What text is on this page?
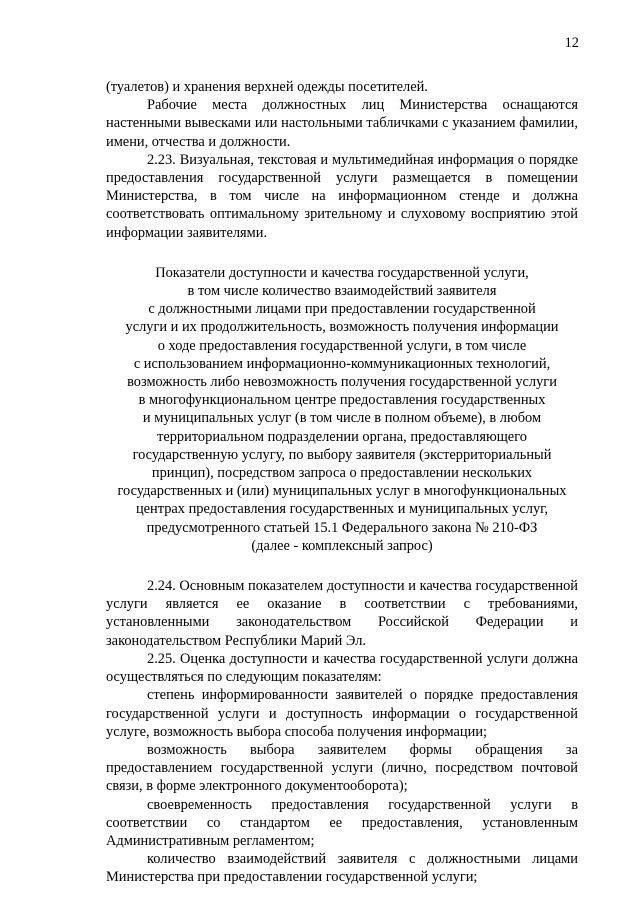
12

(туалетов) и хранения верхней одежды посетителей.

Рабочие места должностных лиц Министерства оснащаются настенными вывесками или настольными табличками с указанием фамилии, имени, отчества и должности.

2.23. Визуальная, текстовая и мультимедийная информация о порядке предоставления государственной услуги размещается в помещении Министерства, в том числе на информационном стенде и должна соответствовать оптимальному зрительному и слуховому восприятию этой информации заявителями.

Показатели доступности и качества государственной услуги,

в том числе количество взаимодействий заявителя

с должностными лицами при предоставлении государственной

услуги и их продолжительность, возможность получения информации

о ходе предоставления государственной услуги, в том числе

с использованием информационно-коммуникационных технологий,

возможность либо невозможность получения государственной услуги

в многофункциональном центре предоставления государственных

и муниципальных услуг (в том числе в полном объеме), в любом

территориальном подразделении органа, предоставляющего

государственную услугу, по выбору заявителя (экстерриториальный

принцип), посредством запроса о предоставлении нескольких

государственных и (или) муниципальных услуг в многофункциональных

центрах предоставления государственных и муниципальных услуг,

предусмотренного статьей 15.1 Федерального закона № 210-ФЗ

(далее - комплексный запрос)

2.24. Основным показателем доступности и качества государственной услуги является ее оказание в соответствии с требованиями, установленными законодательством Российской Федерации и законодательством Республики Марий Эл.

2.25. Оценка доступности и качества государственной услуги должна осуществляться по следующим показателям:

степень информированности заявителей о порядке предоставления государственной услуги и доступность информации о государственной услуге, возможность выбора способа получения информации;

возможность выбора заявителем формы обращения за предоставлением государственной услуги (лично, посредством почтовой связи, в форме электронного документооборота);

своевременность предоставления государственной услуги в соответствии со стандартом ее предоставления, установленным Административным регламентом;

количество взаимодействий заявителя с должностными лицами Министерства при предоставлении государственной услуги;
